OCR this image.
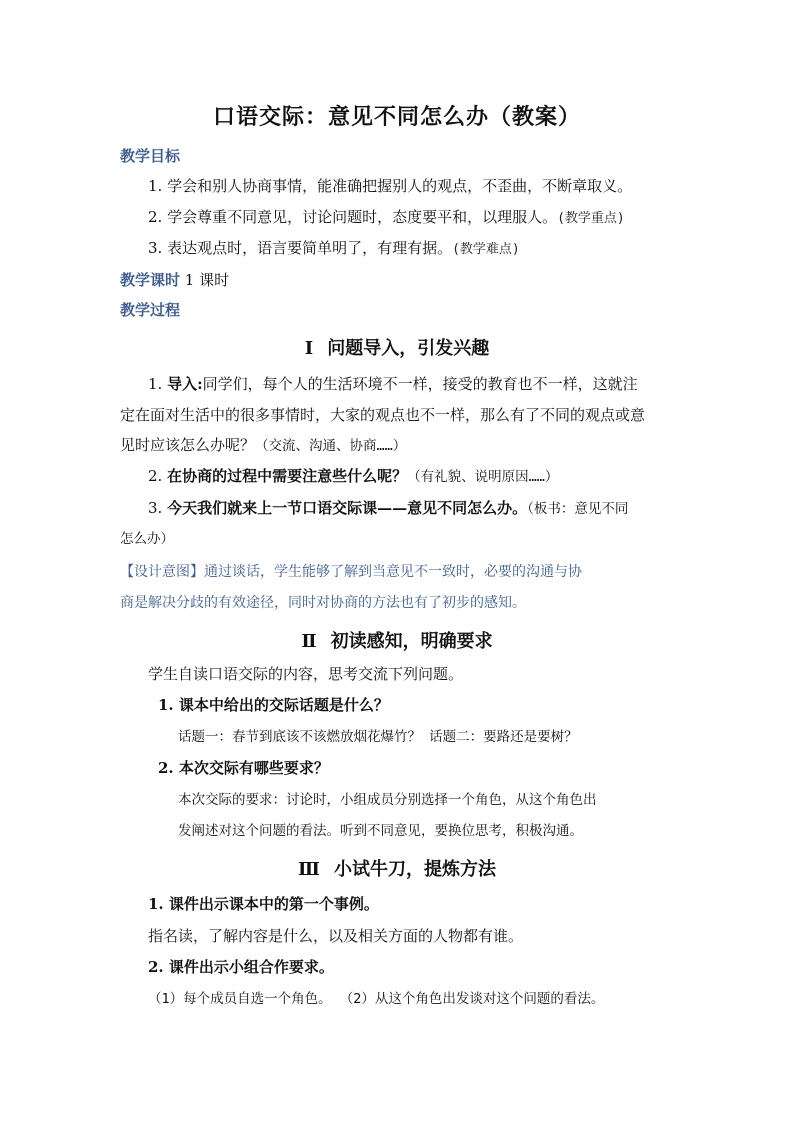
口语交际：意见不同怎么办（教案）
教学目标
1. 学会和别人协商事情，能准确把握别人的观点，不歪曲，不断章取义。
2. 学会尊重不同意见，讨论问题时，态度要平和，以理服人。(教学重点)
3. 表达观点时，语言要简单明了，有理有据。(教学难点)
教学课时 1 课时
教学过程
Ⅰ 问题导入，引发兴趣
1. 导入:同学们，每个人的生活环境不一样，接受的教育也不一样，这就注
定在面对生活中的很多事情时，大家的观点也不一样，那么有了不同的观点或意
见时应该怎么办呢？（交流、沟通、协商……）
2. 在协商的过程中需要注意些什么呢？（有礼貌、说明原因……）
3. 今天我们就来上一节口语交际课——意见不同怎么办。（板书：意见不同
怎么办）
【设计意图】通过谈话，学生能够了解到当意见不一致时，必要的沟通与协
商是解决分歧的有效途径，同时对协商的方法也有了初步的感知。
Ⅱ 初读感知，明确要求
学生自读口语交际的内容，思考交流下列问题。
1. 课本中给出的交际话题是什么？
话题一：春节到底该不该燃放烟花爆竹？ 话题二：要路还是要树？
2. 本次交际有哪些要求？
本次交际的要求：讨论时，小组成员分别选择一个角色，从这个角色出
发阐述对这个问题的看法。听到不同意见，要换位思考，积极沟通。
Ⅲ 小试牛刀，提炼方法
1. 课件出示课本中的第一个事例。
指名读，了解内容是什么，以及相关方面的人物都有谁。
2. 课件出示小组合作要求。
（1）每个成员自选一个角色。 （2）从这个角色出发谈对这个问题的看法。
